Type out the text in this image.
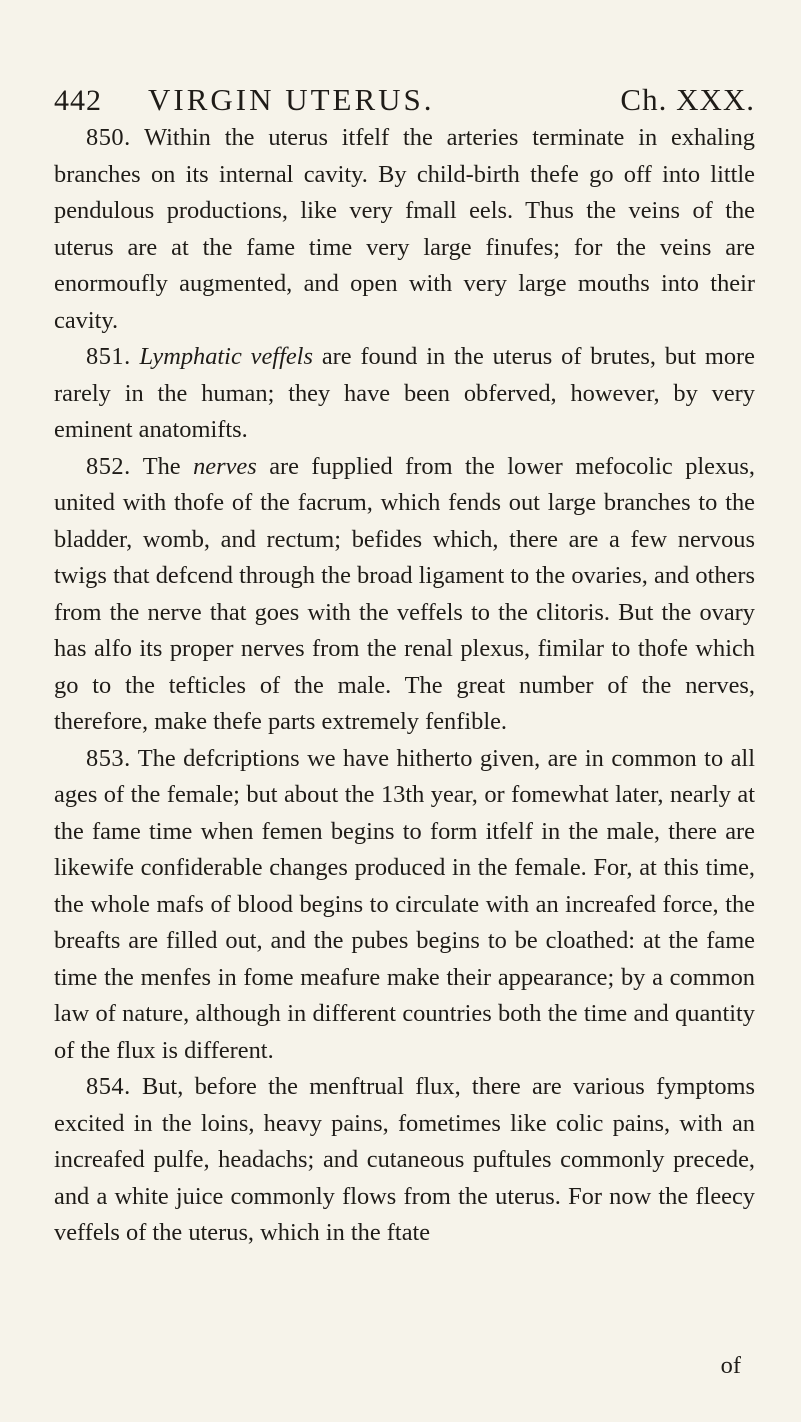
442	VIRGIN UTERUS.	Ch. XXX.

850. Within the uterus itfelf the arteries terminate in exhaling branches on its internal cavity. By child-birth thefe go off into little pendulous productions, like very fmall eels. Thus the veins of the uterus are at the fame time very large finufes; for the veins are enormoufly augmented, and open with very large mouths into their cavity.

851. Lymphatic veffels are found in the uterus of brutes, but more rarely in the human; they have been obferved, however, by very eminent anatomifts.

852. The nerves are fupplied from the lower mefocolic plexus, united with thofe of the facrum, which fends out large branches to the bladder, womb, and rectum; befides which, there are a few nervous twigs that defcend through the broad ligament to the ovaries, and others from the nerve that goes with the veffels to the clitoris. But the ovary has alfo its proper nerves from the renal plexus, fimilar to thofe which go to the tefticles of the male. The great number of the nerves, therefore, make thefe parts extremely fenfible.

853. The defcriptions we have hitherto given, are in common to all ages of the female; but about the 13th year, or fomewhat later, nearly at the fame time when femen begins to form itfelf in the male, there are likewife confiderable changes produced in the female. For, at this time, the whole mafs of blood begins to circulate with an increafed force, the breafts are filled out, and the pubes begins to be cloathed: at the fame time the menfes in fome meafure make their appearance; by a common law of nature, although in different countries both the time and quantity of the flux is different.

854. But, before the menftrual flux, there are various fymptoms excited in the loins, heavy pains, fometimes like colic pains, with an increafed pulfe, headachs; and cutaneous puftules commonly precede, and a white juice commonly flows from the uterus. For now the fleecy veffels of the uterus, which in the ftate

of
